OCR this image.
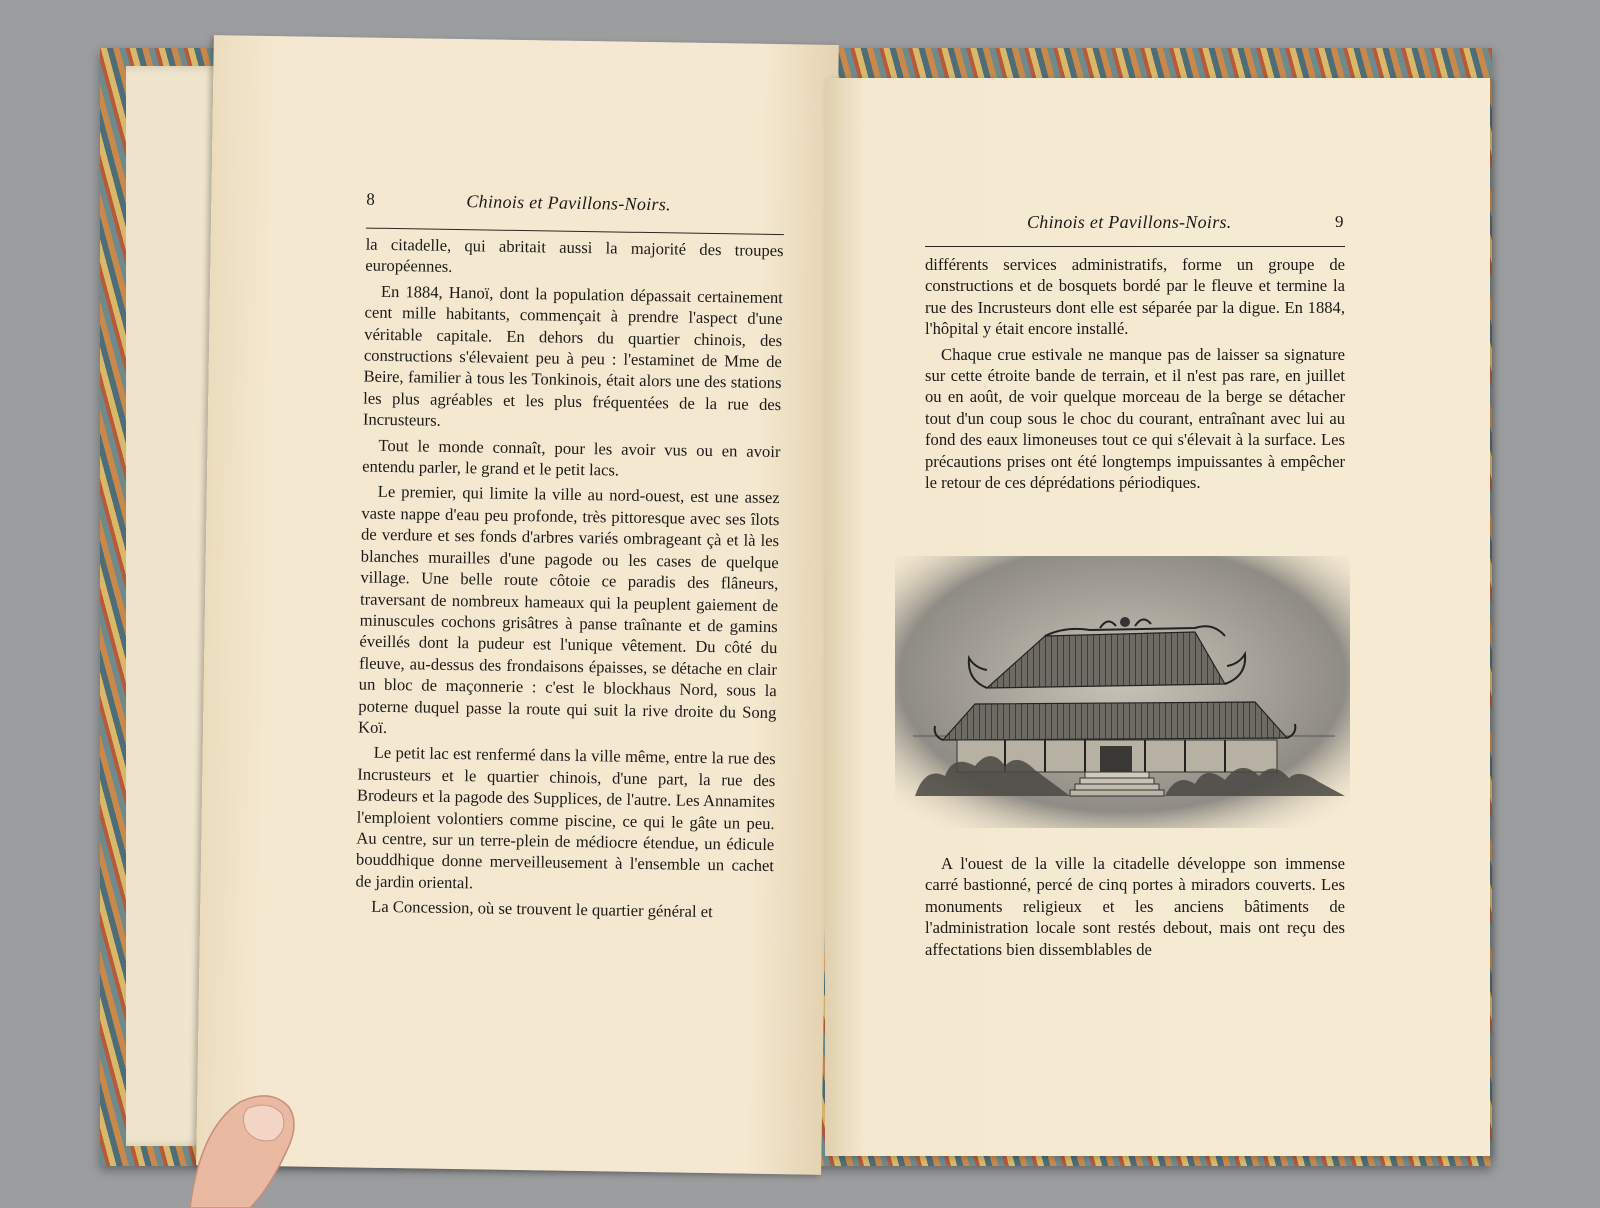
8	Chinois et Pavillons-Noirs.

la citadelle, qui abritait aussi la majorité des troupes européennes.

En 1884, Hanoï, dont la population dépassait certainement cent mille habitants, commençait à prendre l'aspect d'une véritable capitale. En dehors du quartier chinois, des constructions s'élevaient peu à peu : l'estaminet de Mme de Beire, familier à tous les Tonkinois, était alors une des stations les plus agréables et les plus fréquentées de la rue des Incrusteurs.

Tout le monde connaît, pour les avoir vus ou en avoir entendu parler, le grand et le petit lacs.

Le premier, qui limite la ville au nord-ouest, est une assez vaste nappe d'eau peu profonde, très pittoresque avec ses îlots de verdure et ses fonds d'arbres variés ombrageant çà et là les blanches murailles d'une pagode ou les cases de quelque village. Une belle route côtoie ce paradis des flâneurs, traversant de nombreux hameaux qui la peuplent gaiement de minuscules cochons grisâtres à panse traînante et de gamins éveillés dont la pudeur est l'unique vêtement. Du côté du fleuve, au-dessus des frondaisons épaisses, se détache en clair un bloc de maçonnerie : c'est le blockhaus Nord, sous la poterne duquel passe la route qui suit la rive droite du Song Koï.

Le petit lac est renfermé dans la ville même, entre la rue des Incrusteurs et le quartier chinois, d'une part, la rue des Brodeurs et la pagode des Supplices, de l'autre. Les Annamites l'emploient volontiers comme piscine, ce qui le gâte un peu. Au centre, sur un terre-plein de médiocre étendue, un édicule bouddhique donne merveilleusement à l'ensemble un cachet de jardin oriental.

La Concession, où se trouvent le quartier général et

Chinois et Pavillons-Noirs.	9

différents services administratifs, forme un groupe de constructions et de bosquets bordé par le fleuve et termine la rue des Incrusteurs dont elle est séparée par la digue. En 1884, l'hôpital y était encore installé.

Chaque crue estivale ne manque pas de laisser sa signature sur cette étroite bande de terrain, et il n'est pas rare, en juillet ou en août, de voir quelque morceau de la berge se détacher tout d'un coup sous le choc du courant, entraînant avec lui au fond des eaux limoneuses tout ce qui s'élevait à la surface. Les précautions prises ont été longtemps impuissantes à empêcher le retour de ces déprédations périodiques.

A l'ouest de la ville la citadelle développe son immense carré bastionné, percé de cinq portes à miradors couverts. Les monuments religieux et les anciens bâtiments de l'administration locale sont restés debout, mais ont reçu des affectations bien dissemblables de
